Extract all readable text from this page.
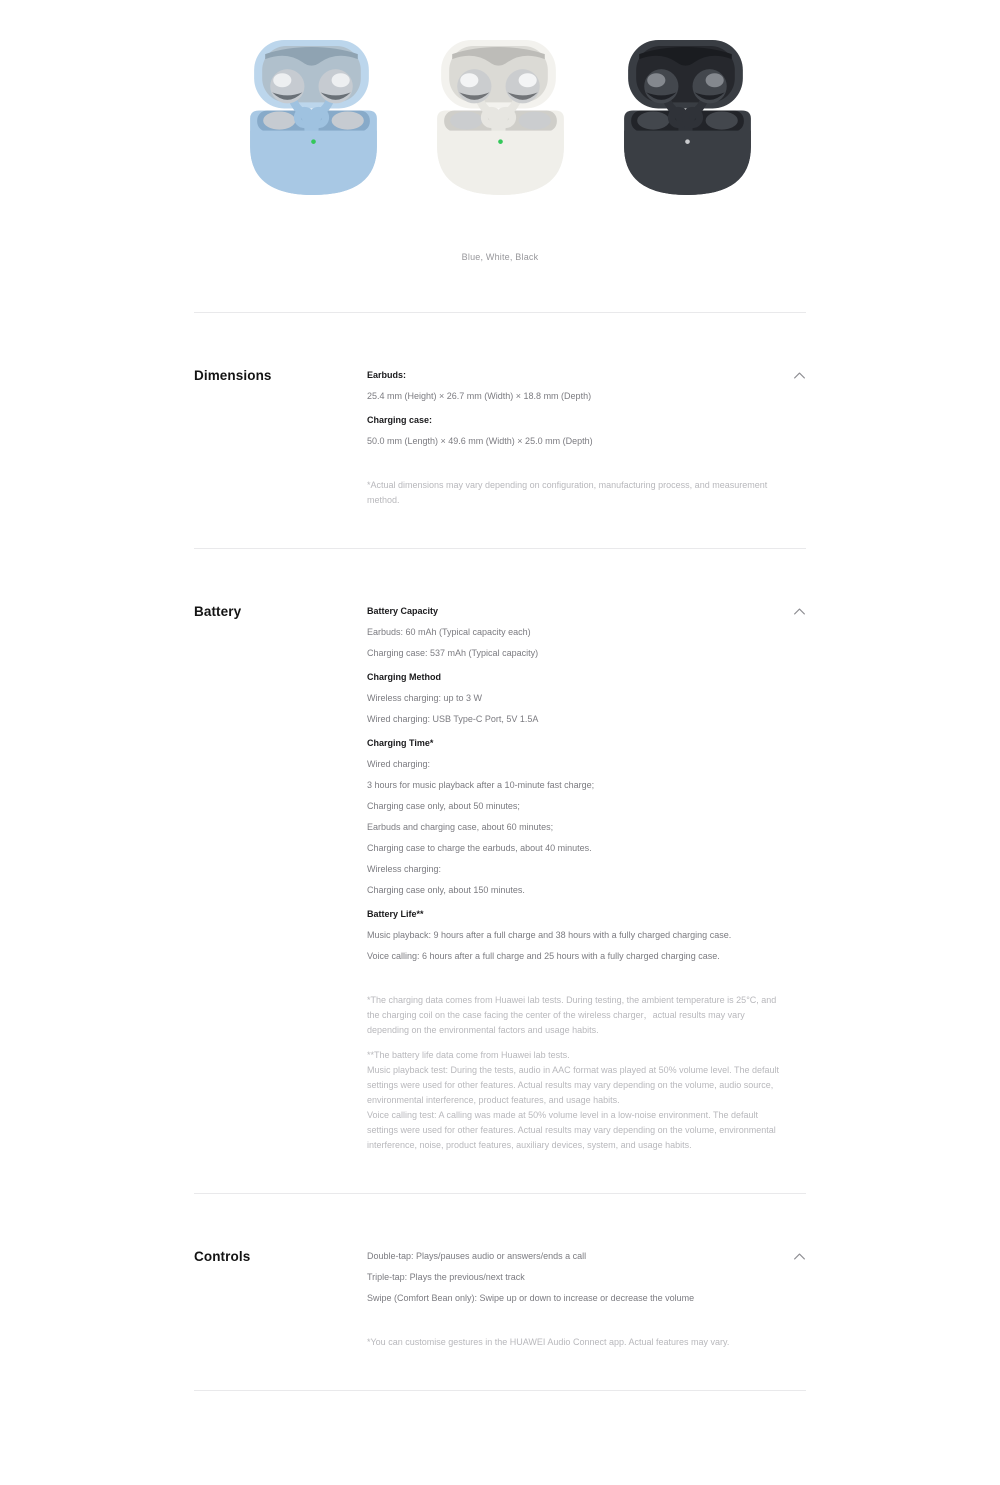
Blue, White, Black

Dimensions	Earbuds:

25.4 mm (Height) × 26.7 mm (Width) × 18.8 mm (Depth)

Charging case:

50.0 mm (Length) × 49.6 mm (Width) × 25.0 mm (Depth)

*Actual dimensions may vary depending on configuration, manufacturing process, and measurement method.

Battery	Battery Capacity

Earbuds: 60 mAh (Typical capacity each)

Charging case: 537 mAh (Typical capacity)

Charging Method

Wireless charging: up to 3 W

Wired charging: USB Type-C Port, 5V 1.5A

Charging Time*

Wired charging:

3 hours for music playback after a 10-minute fast charge;

Charging case only, about 50 minutes;

Earbuds and charging case, about 60 minutes;

Charging case to charge the earbuds, about 40 minutes.

Wireless charging:

Charging case only, about 150 minutes.

Battery Life**

Music playback: 9 hours after a full charge and 38 hours with a fully charged charging case.

Voice calling: 6 hours after a full charge and 25 hours with a fully charged charging case.

*The charging data comes from Huawei lab tests. During testing, the ambient temperature is 25°C, and the charging coil on the case facing the center of the wireless charger，actual results may vary depending on the environmental factors and usage habits.

**The battery life data come from Huawei lab tests.

Music playback test: During the tests, audio in AAC format was played at 50% volume level. The default settings were used for other features. Actual results may vary depending on the volume, audio source, environmental interference, product features, and usage habits.

Voice calling test: A calling was made at 50% volume level in a low-noise environment. The default settings were used for other features. Actual results may vary depending on the volume, environmental interference, noise, product features, auxiliary devices, system, and usage habits.

Controls	Double-tap: Plays/pauses audio or answers/ends a call

Triple-tap: Plays the previous/next track

Swipe (Comfort Bean only): Swipe up or down to increase or decrease the volume

*You can customise gestures in the HUAWEI Audio Connect app. Actual features may vary.
